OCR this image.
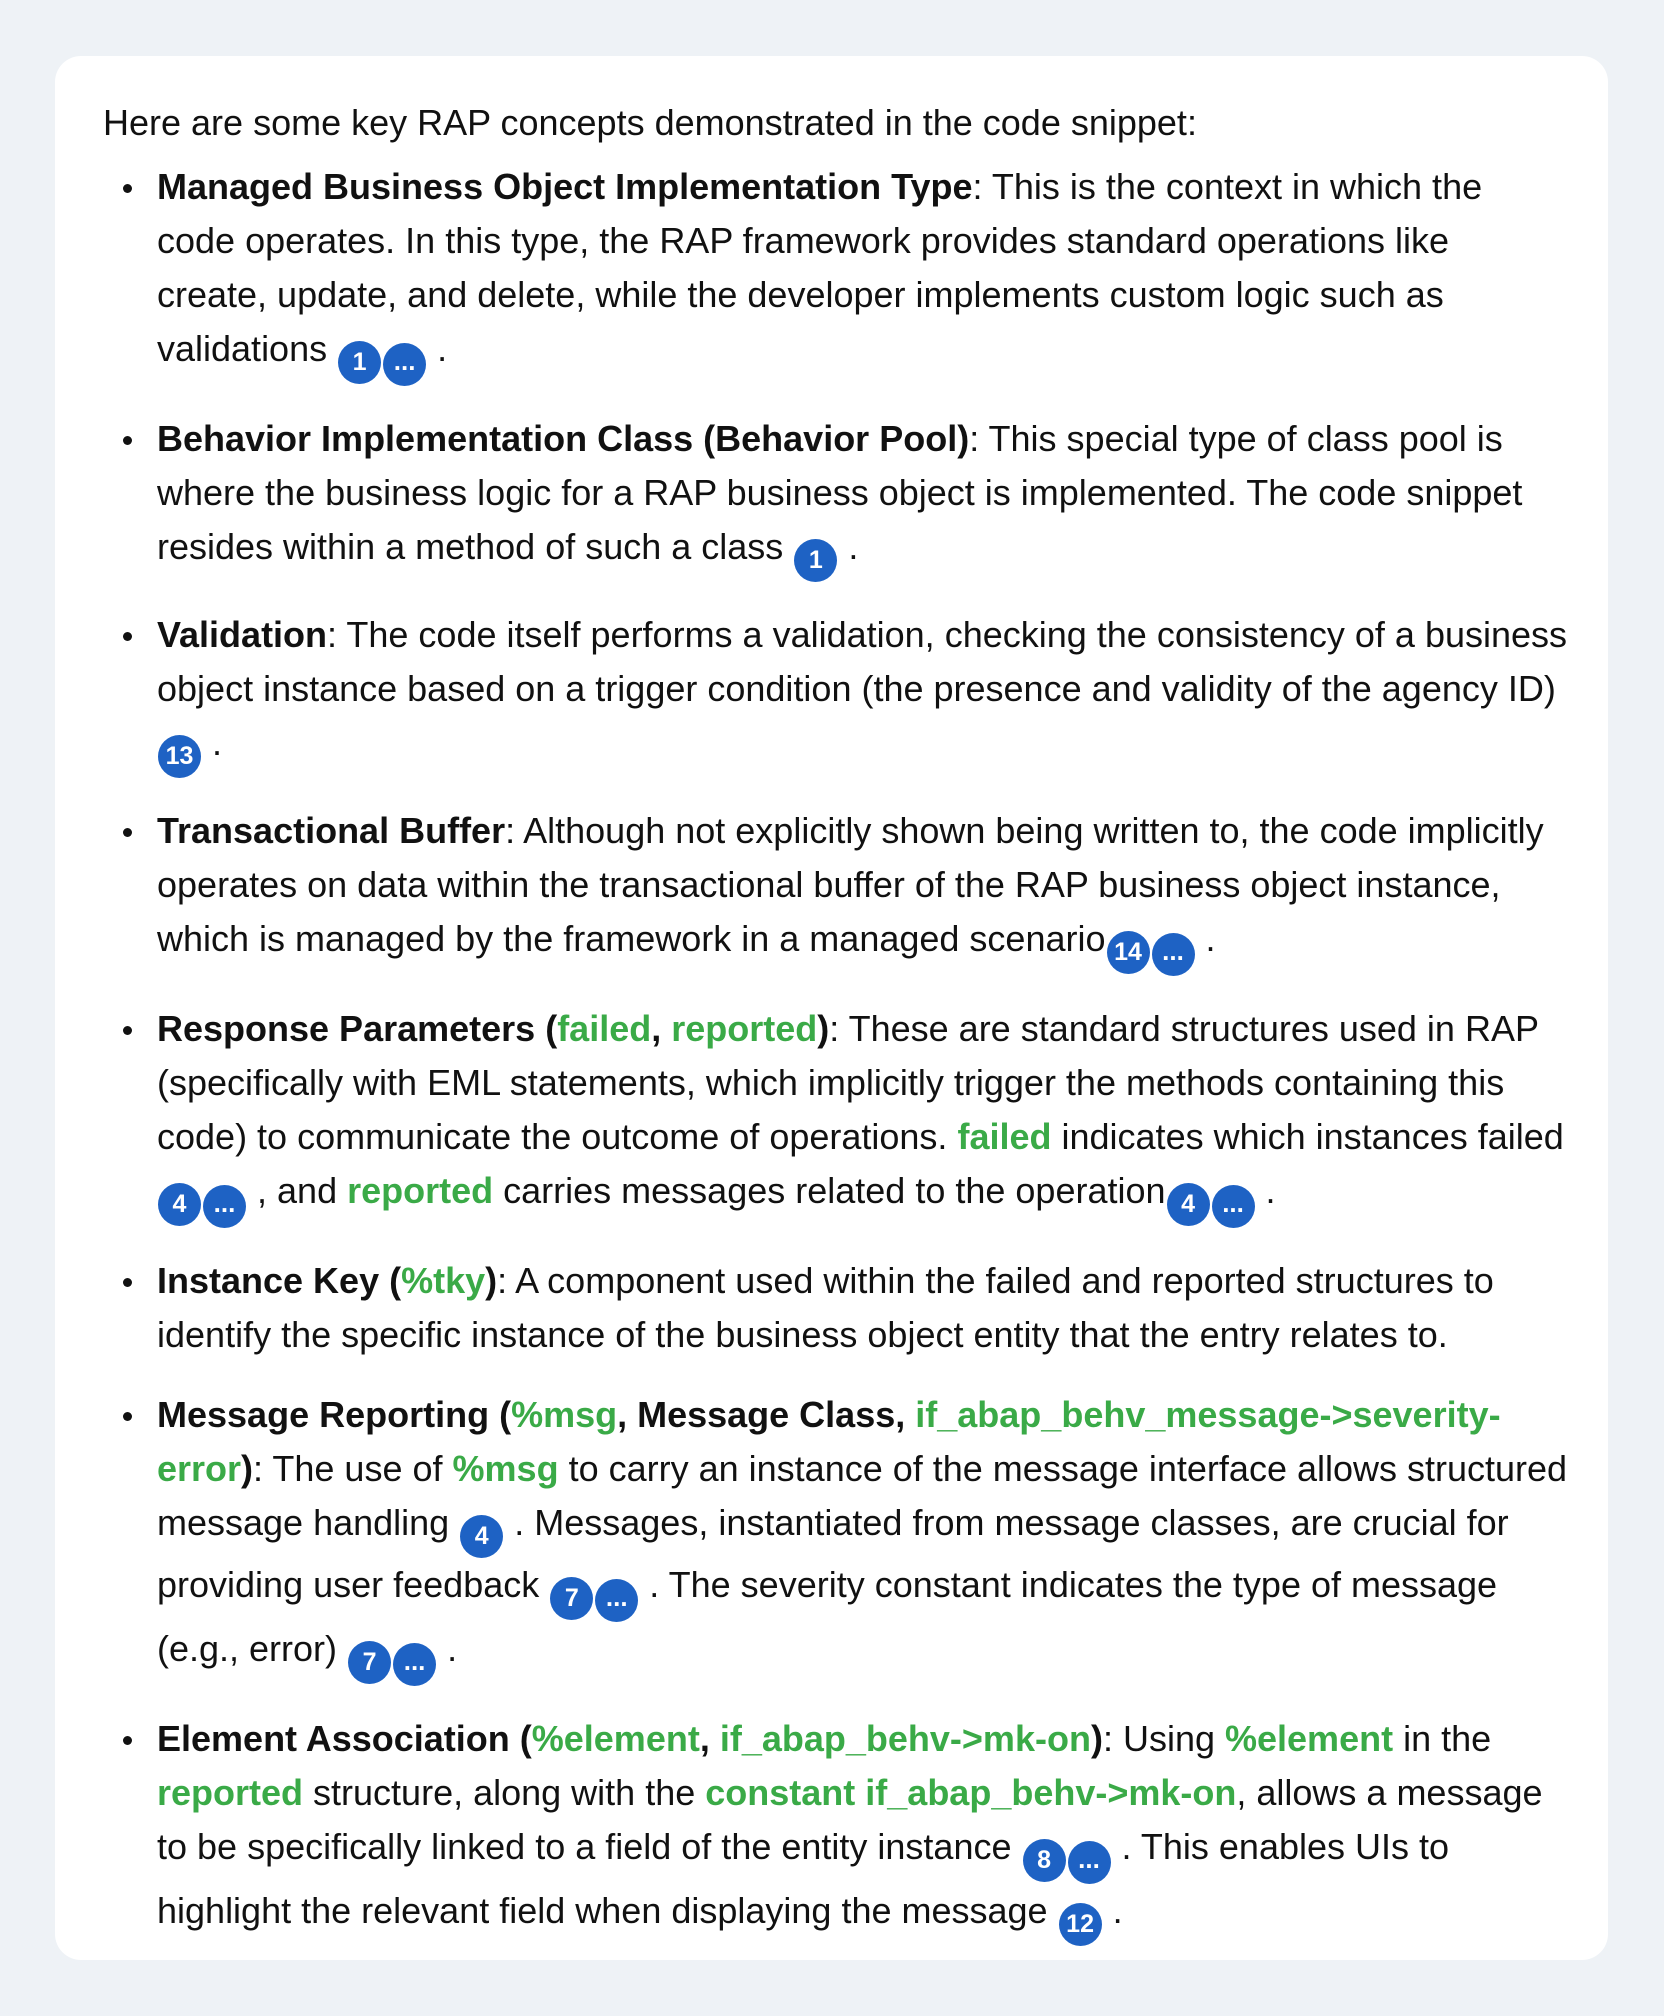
Here are some key RAP concepts demonstrated in the code snippet:

Managed Business Object Implementation Type: This is the context in which the code operates. In this type, the RAP framework provides standard operations like create, update, and delete, while the developer implements custom logic such as validations 1 ... .
Behavior Implementation Class (Behavior Pool): This special type of class pool is where the business logic for a RAP business object is implemented. The code snippet resides within a method of such a class 1 .
Validation: The code itself performs a validation, checking the consistency of a business object instance based on a trigger condition (the presence and validity of the agency ID)13 .
Transactional Buffer: Although not explicitly shown being written to, the code implicitly operates on data within the transactional buffer of the RAP business object instance, which is managed by the framework in a managed scenario 14 ... .
Response Parameters (failed, reported): These are standard structures used in RAP (specifically with EML statements, which implicitly trigger the methods containing this code) to communicate the outcome of operations. failed indicates which instances failed 4 ... , and reported carries messages related to the operation 4 ... .
Instance Key (%tky): A component used within the failed and reported structures to identify the specific instance of the business object entity that the entry relates to.
Message Reporting (%msg, Message Class, if_abap_behv_message->severity-error): The use of %msg to carry an instance of the message interface allows structured message handling 4 . Messages, instantiated from message classes, are crucial for providing user feedback 7 ... . The severity constant indicates the type of message (e.g., error) 7 ... .
Element Association (%element, if_abap_behv->mk-on): Using %element in the reported structure, along with the constant if_abap_behv->mk-on, allows a message to be specifically linked to a field of the entity instance 8 ... . This enables UIs to highlight the relevant field when displaying the message 12 .
